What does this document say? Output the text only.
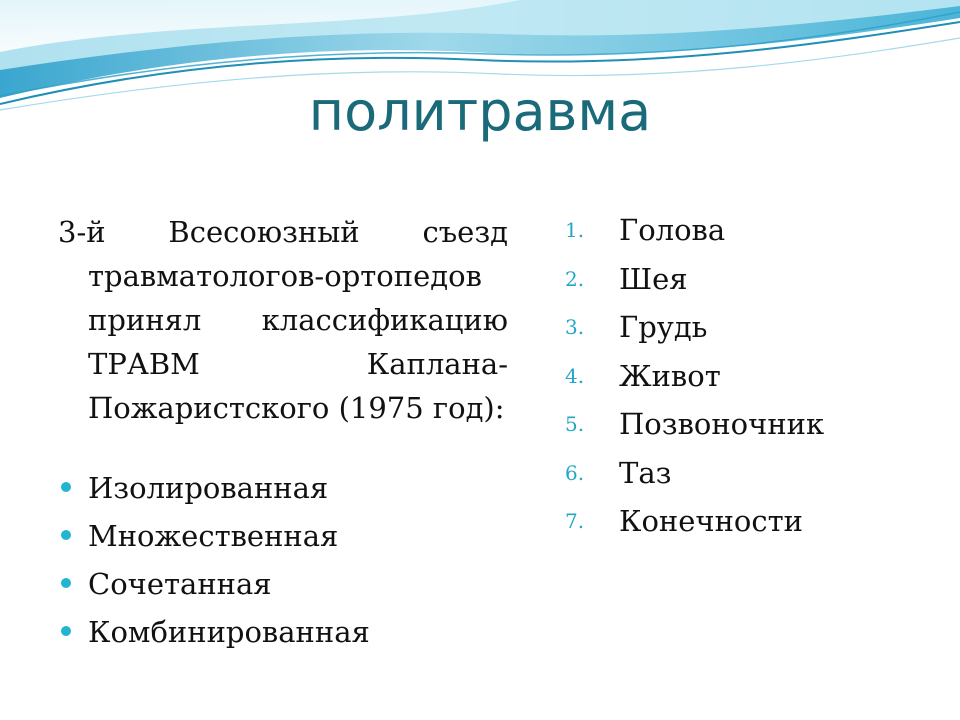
политравма

3-й Всесоюзный съезд травматологов-ортопедов принял классификацию ТРАВМ Каплана-Пожаристского (1975 год):

Изолированная
Множественная
Сочетанная
Комбинированная
1. Голова
2. Шея
3. Грудь
4. Живот
5. Позвоночник
6. Таз
7. Конечности
